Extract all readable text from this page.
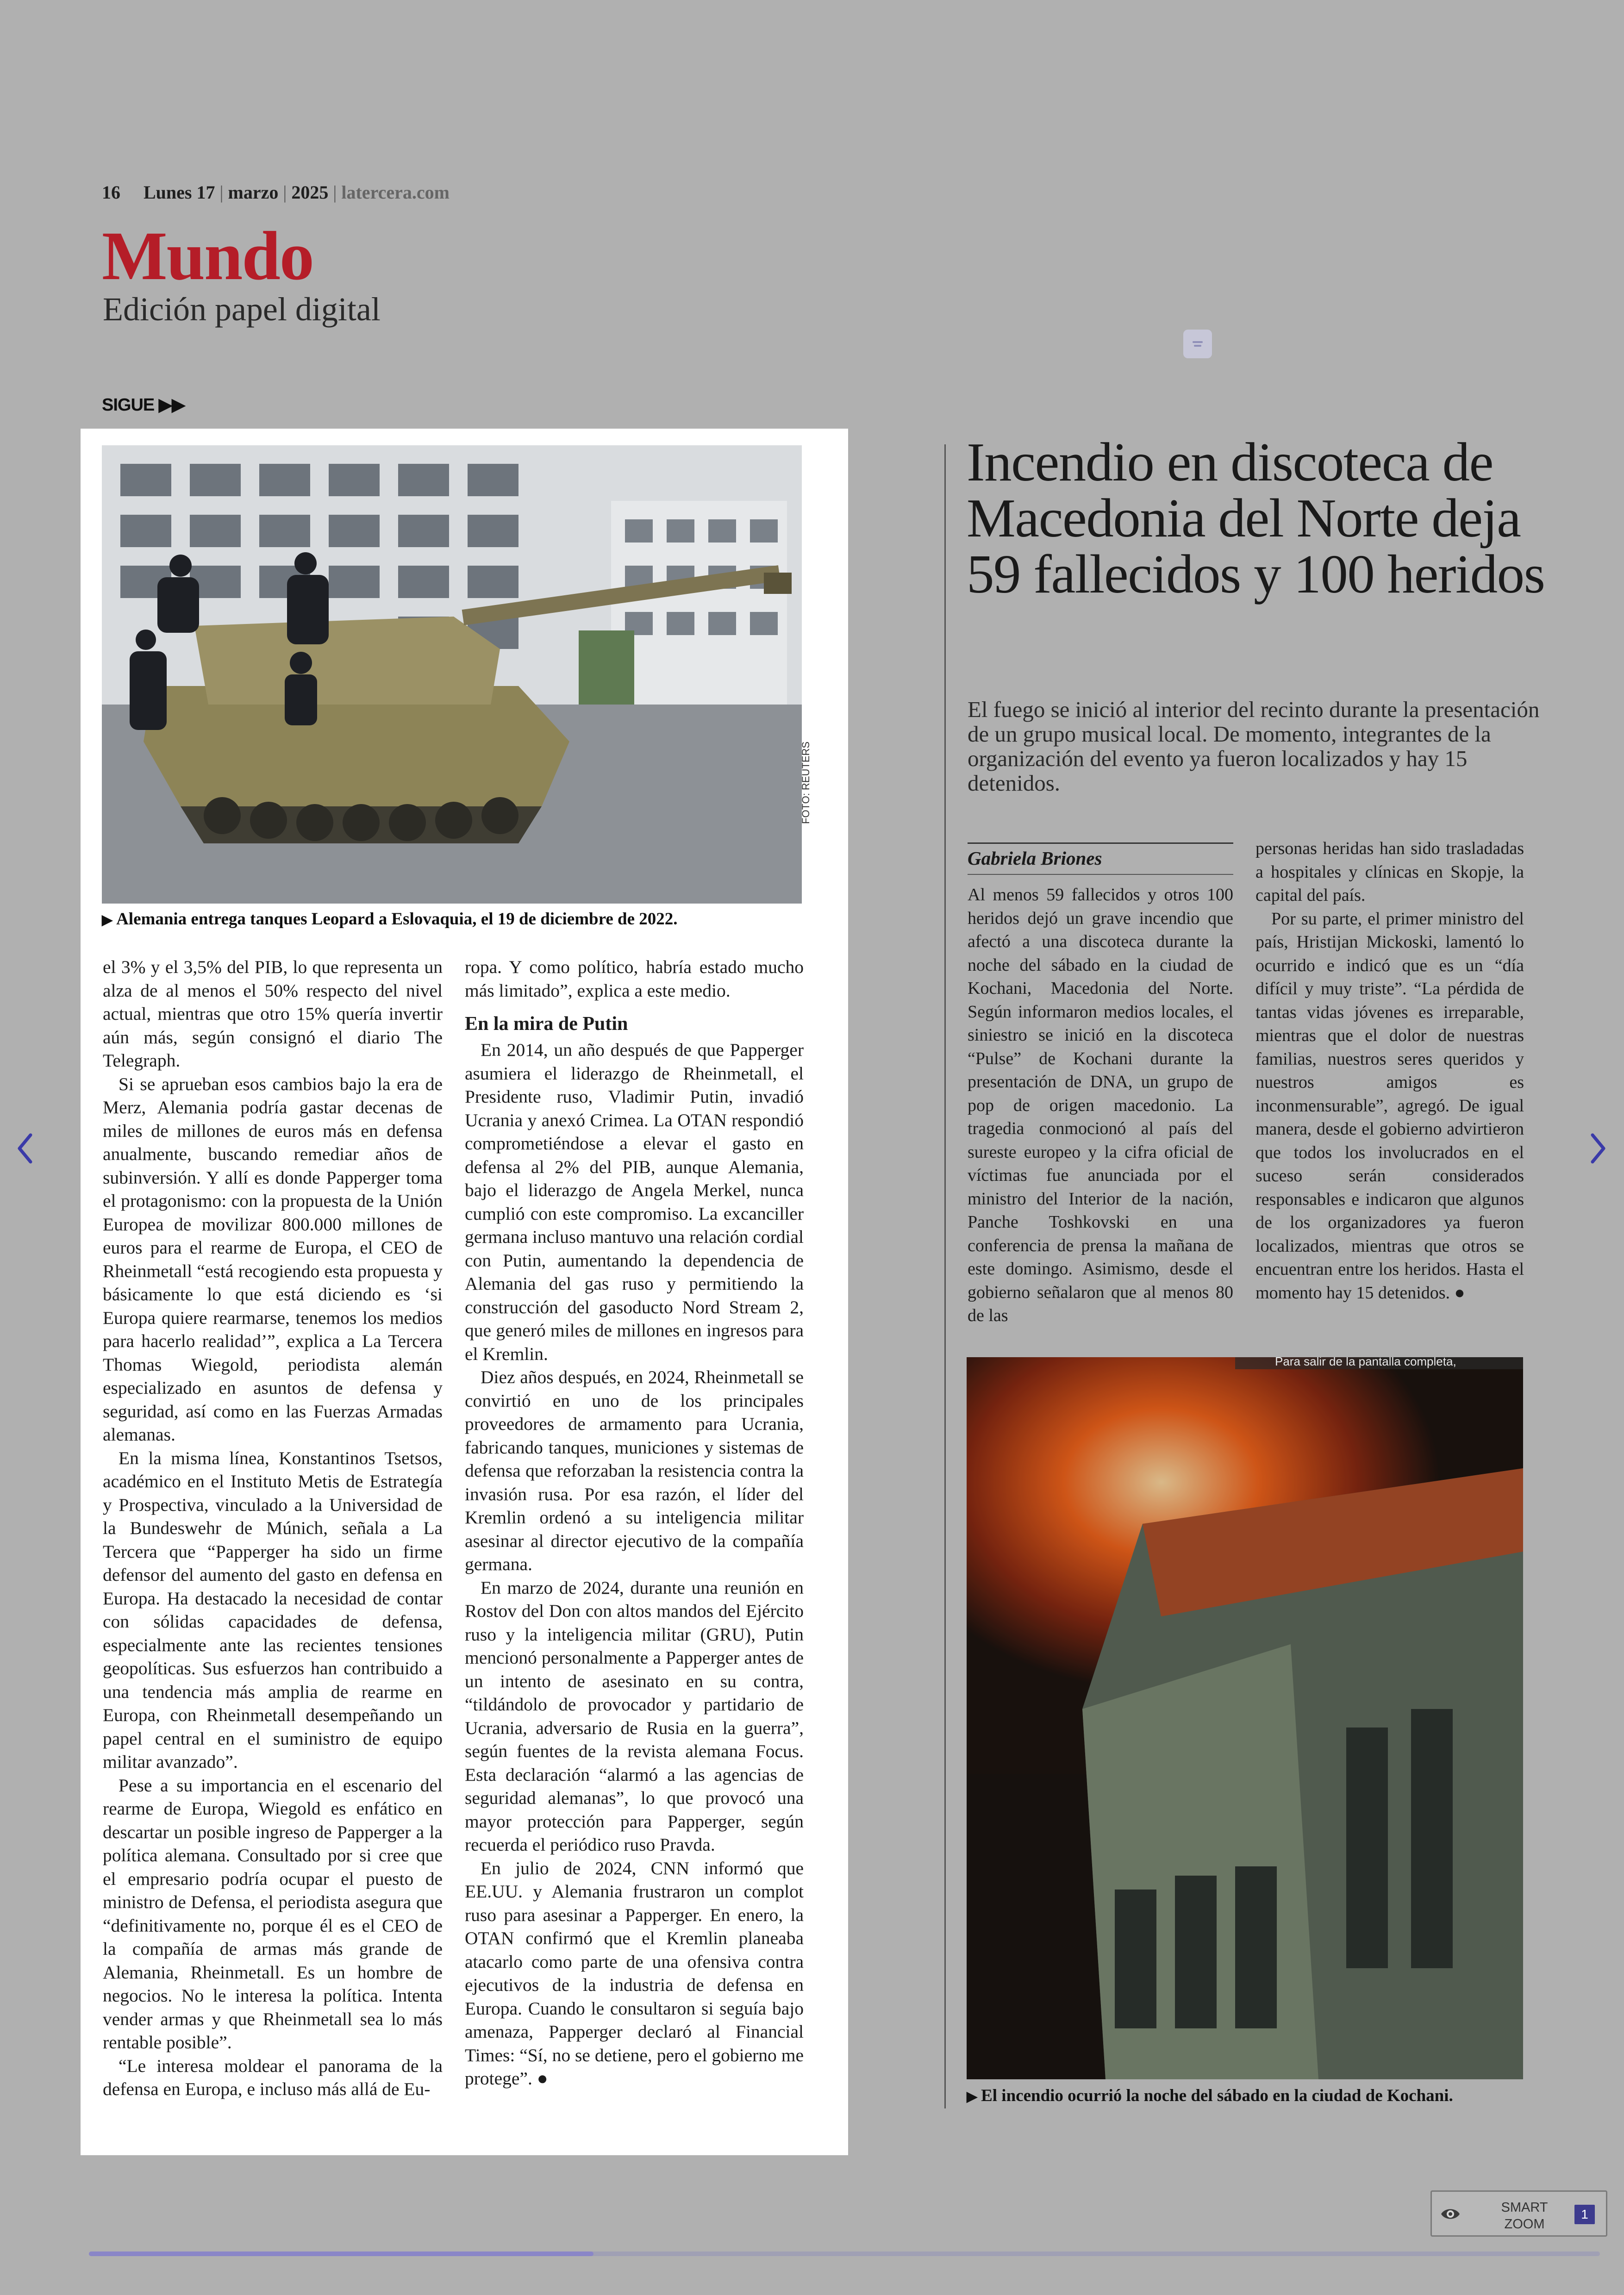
16 Lunes 17 | marzo | 2025 | latercera.com
Mundo
Edición papel digital
SIGUE ▶▶
FOTO: REUTERS
▶ Alemania entrega tanques Leopard a Eslovaquia, el 19 de diciembre de 2022.

el 3% y el 3,5% del PIB, lo que representa un alza de al menos el 50% respecto del nivel actual, mientras que otro 15% quería invertir aún más, según consignó el diario The Telegraph.

Si se aprueban esos cambios bajo la era de Merz, Alemania podría gastar decenas de miles de millones de euros más en defensa anualmente, buscando remediar años de subinversión. Y allí es donde Papperger toma el protagonismo: con la propuesta de la Unión Europea de movilizar 800.000 millones de euros para el rearme de Europa, el CEO de Rheinmetall “está recogiendo esta propuesta y básicamente lo que está diciendo es ‘si Europa quiere rearmarse, tenemos los medios para hacerlo realidad’”, explica a La Tercera Thomas Wiegold, periodista alemán especializado en asuntos de defensa y seguridad, así como en las Fuerzas Armadas alemanas.

En la misma línea, Konstantinos Tsetsos, académico en el Instituto Metis de Estrategía y Prospectiva, vinculado a la Universidad de la Bundeswehr de Múnich, señala a La Tercera que “Papperger ha sido un firme defensor del aumento del gasto en defensa en Europa. Ha destacado la necesidad de contar con sólidas capacidades de defensa, especialmente ante las recientes tensiones geopolíticas. Sus esfuerzos han contribuido a una tendencia más amplia de rearme en Europa, con Rheinmetall desempeñando un papel central en el suministro de equipo militar avanzado”.

Pese a su importancia en el escenario del rearme de Europa, Wiegold es enfático en descartar un posible ingreso de Papperger a la política alemana. Consultado por si cree que el empresario podría ocupar el puesto de ministro de Defensa, el periodista asegura que “definitivamente no, porque él es el CEO de la compañía de armas más grande de Alemania, Rheinmetall. Es un hombre de negocios. No le interesa la política. Intenta vender armas y que Rheinmetall sea lo más rentable posible”.

“Le interesa moldear el panorama de la defensa en Europa, e incluso más allá de Eu-

ropa. Y como político, habría estado mucho más limitado”, explica a este medio.

En la mira de Putin

En 2014, un año después de que Papperger asumiera el liderazgo de Rheinmetall, el Presidente ruso, Vladimir Putin, invadió Ucrania y anexó Crimea. La OTAN respondió comprometiéndose a elevar el gasto en defensa al 2% del PIB, aunque Alemania, bajo el liderazgo de Angela Merkel, nunca cumplió con este compromiso. La excanciller germana incluso mantuvo una relación cordial con Putin, aumentando la dependencia de Alemania del gas ruso y permitiendo la construcción del gasoducto Nord Stream 2, que generó miles de millones en ingresos para el Kremlin.

Diez años después, en 2024, Rheinmetall se convirtió en uno de los principales proveedores de armamento para Ucrania, fabricando tanques, municiones y sistemas de defensa que reforzaban la resistencia contra la invasión rusa. Por esa razón, el líder del Kremlin ordenó a su inteligencia militar asesinar al director ejecutivo de la compañía germana.

En marzo de 2024, durante una reunión en Rostov del Don con altos mandos del Ejército ruso y la inteligencia militar (GRU), Putin mencionó personalmente a Papperger antes de un intento de asesinato en su contra, “tildándolo de provocador y partidario de Ucrania, adversario de Rusia en la guerra”, según fuentes de la revista alemana Focus. Esta declaración “alarmó a las agencias de seguridad alemanas”, lo que provocó una mayor protección para Papperger, según recuerda el periódico ruso Pravda.

En julio de 2024, CNN informó que EE.UU. y Alemania frustraron un complot ruso para asesinar a Papperger. En enero, la OTAN confirmó que el Kremlin planeaba atacarlo como parte de una ofensiva contra ejecutivos de la industria de defensa en Europa. Cuando le consultaron si seguía bajo amenaza, Papperger declaró al Financial Times: “Sí, no se detiene, pero el gobierno me protege”. ●

Incendio en discoteca de Macedonia del Norte deja 59 fallecidos y 100 heridos
El fuego se inició al interior del recinto durante la presentación de un grupo musical local. De momento, integrantes de la organización del evento ya fueron localizados y hay 15 detenidos.
Gabriela Briones

Al menos 59 fallecidos y otros 100 heridos dejó un grave incendio que afectó a una discoteca durante la noche del sábado en la ciudad de Kochani, Macedonia del Norte. Según informaron medios locales, el siniestro se inició en la discoteca “Pulse” de Kochani durante la presentación de DNA, un grupo de pop de origen macedonio. La tragedia conmocionó al país del sureste europeo y la cifra oficial de víctimas fue anunciada por el ministro del Interior de la nación, Panche Toshkovski en una conferencia de prensa la mañana de este domingo. Asimismo, desde el gobierno señalaron que al menos 80 de las

personas heridas han sido trasladadas a hospitales y clínicas en Skopje, la capital del país.

Por su parte, el primer ministro del país, Hristijan Mickoski, lamentó lo ocurrido e indicó que es un “día difícil y muy triste”. “La pérdida de tantas vidas jóvenes es irreparable, mientras que el dolor de nuestras familias, nuestros seres queridos y nuestros amigos es inconmensurable”, agregó. De igual manera, desde el gobierno advirtieron que todos los involucrados en el suceso serán considerados responsables e indicaron que algunos de los organizadores ya fueron localizados, mientras que otros se encuentran entre los heridos. Hasta el momento hay 15 detenidos. ●

Para salir de la pantalla completa,
▶ El incendio ocurrió la noche del sábado en la ciudad de Kochani.
SMART ZOOM
1
